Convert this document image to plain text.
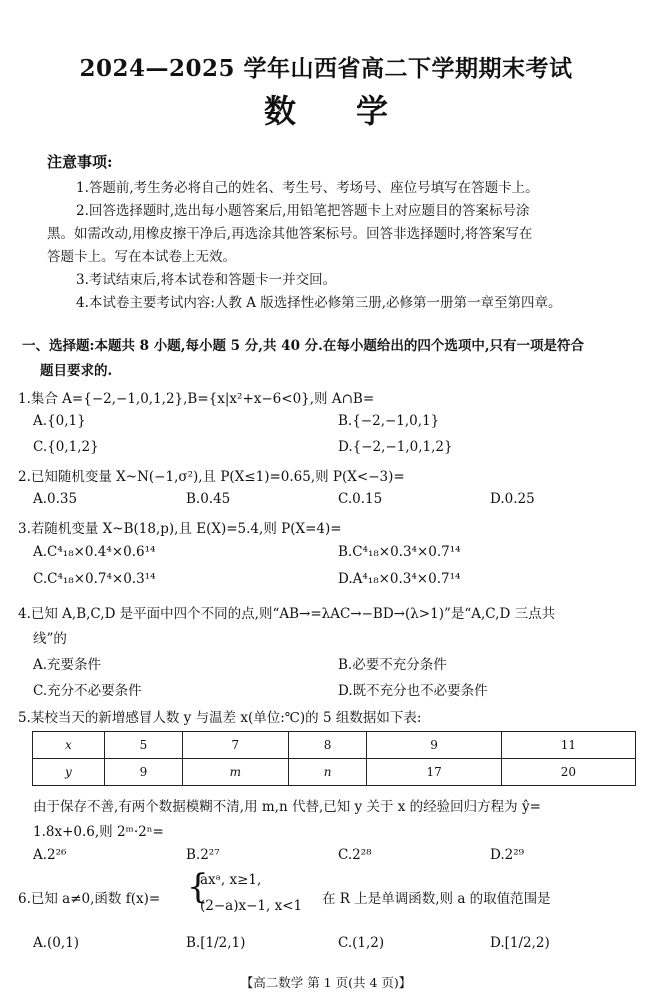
2024—2025 学年山西省高二下学期期末考试
数学
注意事项:
1.答题前,考生务必将自己的姓名、考生号、考场号、座位号填写在答题卡上。
2.回答选择题时,选出每小题答案后,用铅笔把答题卡上对应题目的答案标号涂
黑。如需改动,用橡皮擦干净后,再选涂其他答案标号。回答非选择题时,将答案写在
答题卡上。写在本试卷上无效。
3.考试结束后,将本试卷和答题卡一并交回。
4.本试卷主要考试内容:人教 A 版选择性必修第三册,必修第一册第一章至第四章。
一、选择题:本题共 8 小题,每小题 5 分,共 40 分.在每小题给出的四个选项中,只有一项是符合
题目要求的.
1.集合 A={−2,−1,0,1,2},B={x|x²+x−6<0},则 A∩B=
A.{0,1}	B.{−2,−1,0,1}
C.{0,1,2}	D.{−2,−1,0,1,2}
2.已知随机变量 X~N(−1,σ²),且 P(X≤1)=0.65,则 P(X<−3)=
A.0.35	B.0.45	C.0.15	D.0.25
3.若随机变量 X~B(18,p),且 E(X)=5.4,则 P(X=4)=
A.C⁴₁₈×0.4⁴×0.6¹⁴	B.C⁴₁₈×0.3⁴×0.7¹⁴
C.C⁴₁₈×0.7⁴×0.3¹⁴	D.A⁴₁₈×0.3⁴×0.7¹⁴
4.已知 A,B,C,D 是平面中四个不同的点,则“AB→=λAC→−BD→(λ>1)”是“A,C,D 三点共
线”的
A.充要条件	B.必要不充分条件
C.充分不必要条件	D.既不充分也不必要条件
5.某校当天的新增感冒人数 y 与温差 x(单位:℃)的 5 组数据如下表:
x	5	7	8	9	11
y	9	m	n	17	20
由于保存不善,有两个数据模糊不清,用 m,n 代替,已知 y 关于 x 的经验回归方程为 ŷ=
1.8x+0.6,则 2ᵐ·2ⁿ=
A.2²⁶	B.2²⁷	C.2²⁸	D.2²⁹
6.已知 a≠0,函数 f(x)= {
axᵃ, x≥1,
(2−a)x−1, x<1 在 R 上是单调函数,则 a 的取值范围是
A.(0,1)	B.[1/2,1)	C.(1,2)	D.[1/2,2)
【高二数学 第 1 页(共 4 页)】
